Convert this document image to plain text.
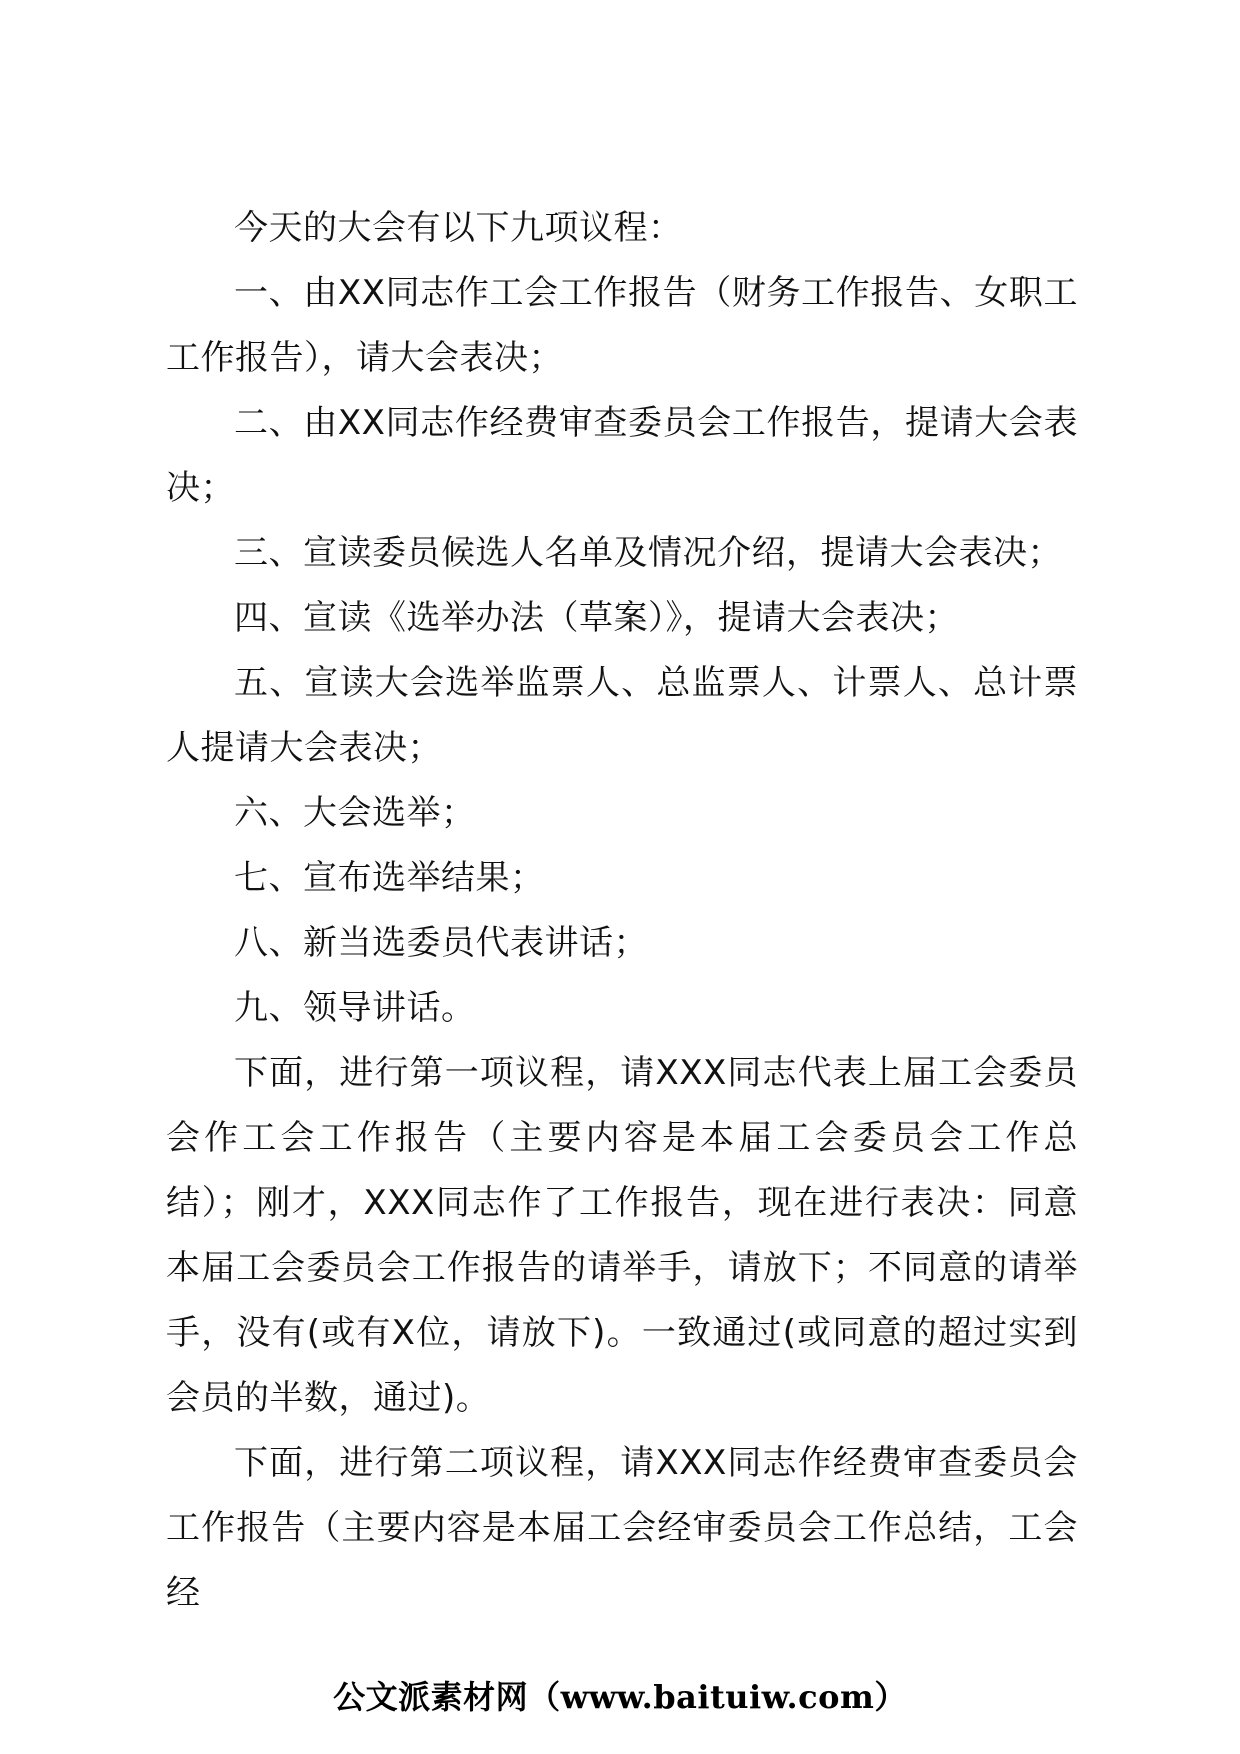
今天的大会有以下九项议程：

一、由XX同志作工会工作报告（财务工作报告、女职工工作报告），请大会表决；

二、由XX同志作经费审查委员会工作报告，提请大会表决；

三、宣读委员候选人名单及情况介绍，提请大会表决；

四、宣读《选举办法（草案）》，提请大会表决；

五、宣读大会选举监票人、总监票人、计票人、总计票人提请大会表决；

六、大会选举；

七、宣布选举结果；

八、新当选委员代表讲话；

九、领导讲话。

下面，进行第一项议程，请XXX同志代表上届工会委员会作工会工作报告（主要内容是本届工会委员会工作总结）；刚才，XXX同志作了工作报告，现在进行表决：同意本届工会委员会工作报告的请举手，请放下；不同意的请举手，没有(或有X位，请放下)。一致通过(或同意的超过实到会员的半数，通过)。

下面，进行第二项议程，请XXX同志作经费审查委员会工作报告（主要内容是本届工会经审委员会工作总结，工会经

公文派素材网（www.baituiw.com）
